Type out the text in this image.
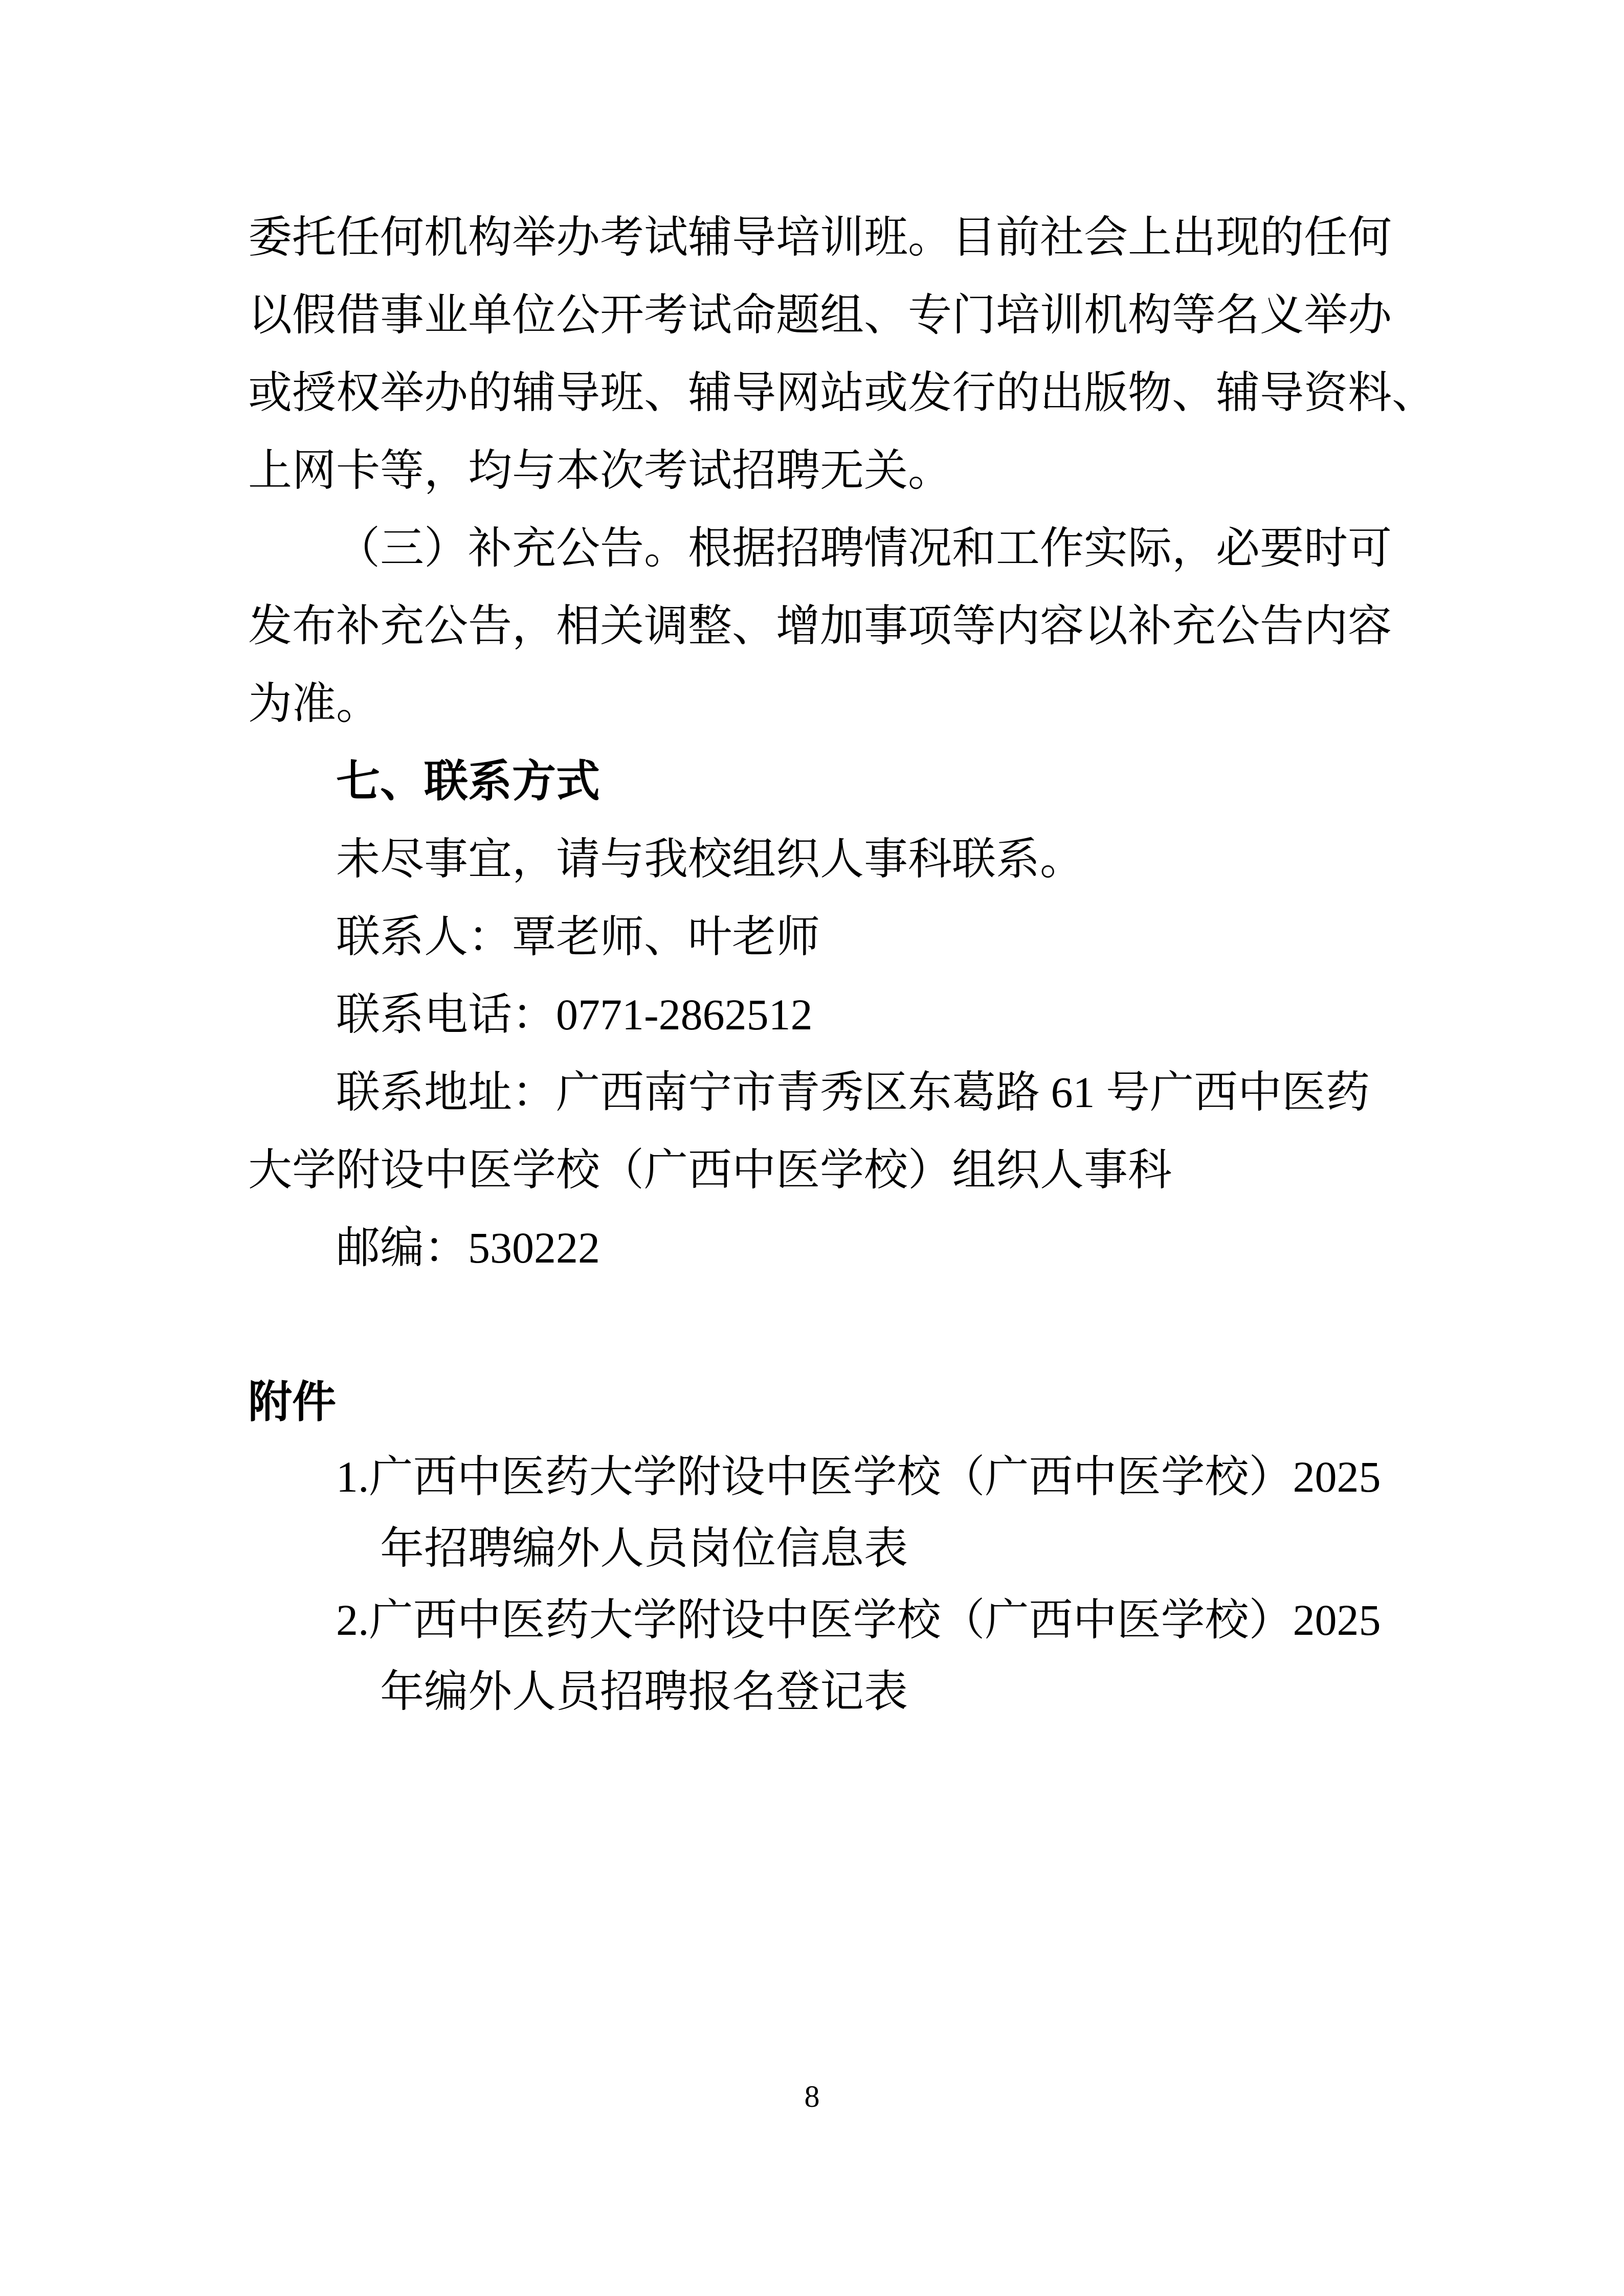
委托任何机构举办考试辅导培训班。目前社会上出现的任何
以假借事业单位公开考试命题组、专门培训机构等名义举办
或授权举办的辅导班、辅导网站或发行的出版物、辅导资料、
上网卡等，均与本次考试招聘无关。
（三）补充公告。根据招聘情况和工作实际，必要时可
发布补充公告，相关调整、增加事项等内容以补充公告内容
为准。
七、联系方式
未尽事宜，请与我校组织人事科联系。
联系人：覃老师、叶老师
联系电话：0771-2862512
联系地址：广西南宁市青秀区东葛路 61 号广西中医药
大学附设中医学校（广西中医学校）组织人事科
邮编：530222
附件
1.广西中医药大学附设中医学校（广西中医学校）2025
年招聘编外人员岗位信息表
2.广西中医药大学附设中医学校（广西中医学校）2025
年编外人员招聘报名登记表
8
